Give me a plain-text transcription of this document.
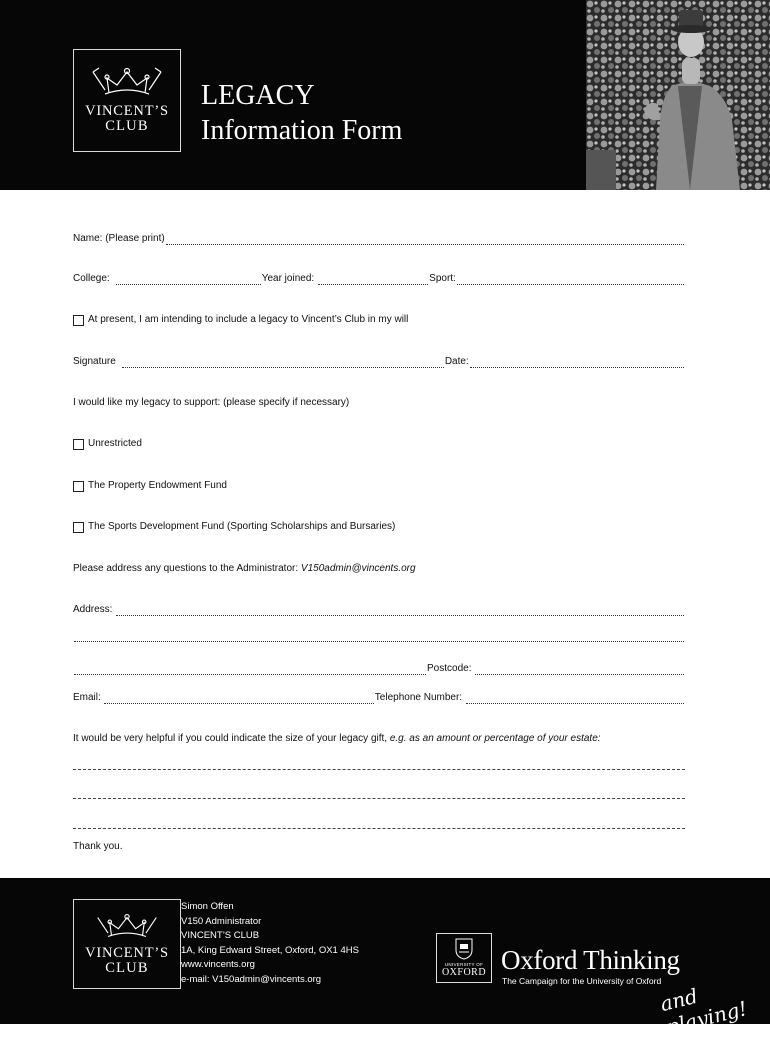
VINCENT’S
CLUB
LEGACY
Information Form
Name: (Please print)
College:	Year joined:	Sport:
At present, I am intending to include a legacy to Vincent’s Club in my will
Signature	Date:
I would like my legacy to support: (please specify if necessary)
Unrestricted
The Property Endowment Fund
The Sports Development Fund (Sporting Scholarships and Bursaries)
Please address any questions to the Administrator: V150admin@vincents.org
Address:
Postcode:
Email:	Telephone Number:
It would be very helpful if you could indicate the size of your legacy gift, e.g. as an amount or percentage of your estate:
Thank you.
VINCENT’S
CLUB
Simon Offen
V150 Administrator
VINCENT’S CLUB
1A, King Edward Street, Oxford, OX1 4HS
www.vincents.org
e-mail: V150admin@vincents.org
UNIVERSITY OF
OXFORD Oxford Thinking
The Campaign for the University of Oxford
and playing!
